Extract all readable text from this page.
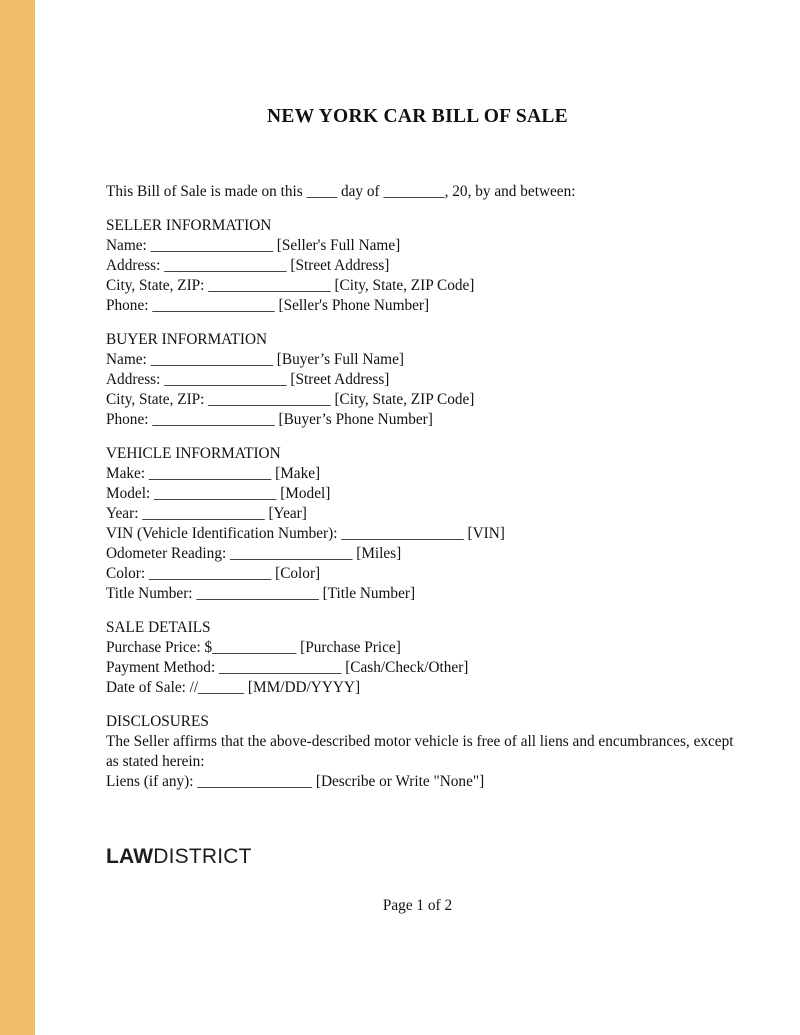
NEW YORK CAR BILL OF SALE
This Bill of Sale is made on this ____ day of ________, 20, by and between:
SELLER INFORMATION
Name: ________________ [Seller's Full Name]
Address: ________________ [Street Address]
City, State, ZIP: ________________ [City, State, ZIP Code]
Phone: ________________ [Seller's Phone Number]
BUYER INFORMATION
Name: ________________ [Buyer’s Full Name]
Address: ________________ [Street Address]
City, State, ZIP: ________________ [City, State, ZIP Code]
Phone: ________________ [Buyer’s Phone Number]
VEHICLE INFORMATION
Make: ________________ [Make]
Model: ________________ [Model]
Year: ________________ [Year]
VIN (Vehicle Identification Number): ________________ [VIN]
Odometer Reading: ________________ [Miles]
Color: ________________ [Color]
Title Number: ________________ [Title Number]
SALE DETAILS
Purchase Price: $___________ [Purchase Price]
Payment Method: ________________ [Cash/Check/Other]
Date of Sale: //______ [MM/DD/YYYY]
DISCLOSURES
The Seller affirms that the above-described motor vehicle is free of all liens and encumbrances, except
as stated herein:
Liens (if any): _______________ [Describe or Write "None"]
LAWDISTRICT
Page 1 of 2
